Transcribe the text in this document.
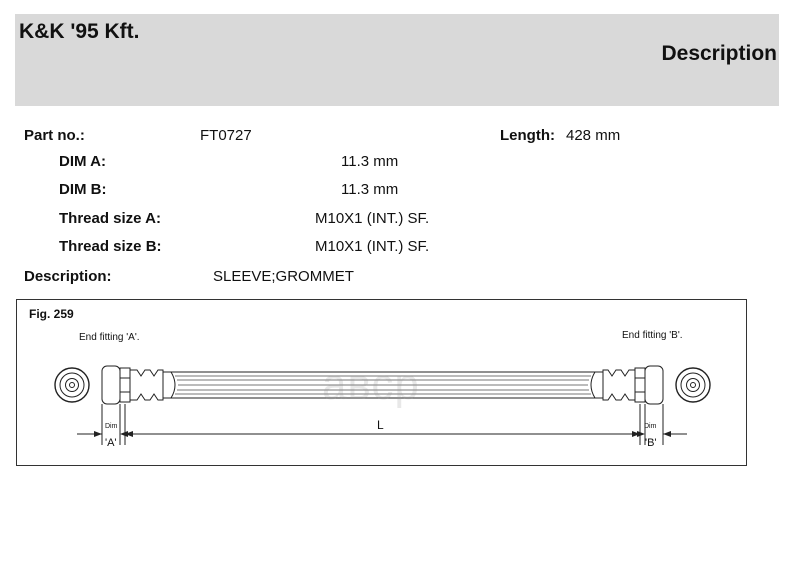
K&K '95 Kft.
Description
Part no.:	FT0727	Length: 428 mm
DIM A:	11.3 mm
DIM B:	11.3 mm
Thread size A:	M10X1 (INT.) SF.
Thread size B:	M10X1 (INT.) SF.
Description:	SLEEVE;GROMMET
Fig. 259
End fitting 'A'.	End fitting 'B'.
L
Dim
'A'
Dim
'B'
aвсp
